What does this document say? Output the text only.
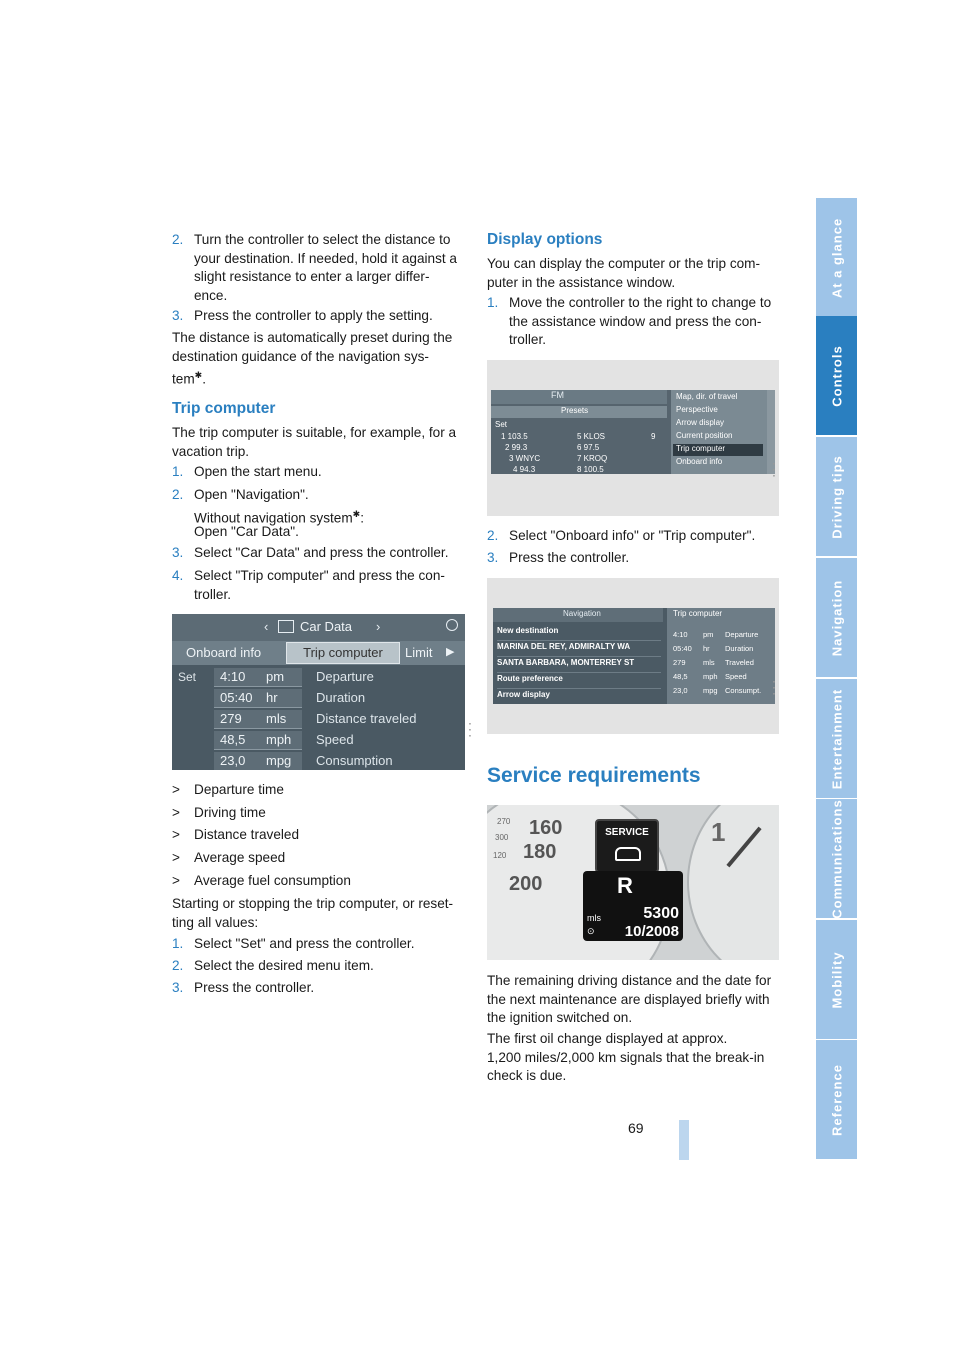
2. Turn the controller to select the distance to
your destination. If needed, hold it against a
slight resistance to enter a larger differ-
ence.
3. Press the controller to apply the setting.
The distance is automatically preset during the
destination guidance of the navigation sys-
tem✱.
Trip computer
The trip computer is suitable, for example, for a
vacation trip.
1. Open the start menu.
2. Open "Navigation".
Without navigation system✱:
Open "Car Data".
3. Select "Car Data" and press the controller.
4. Select "Trip computer" and press the con-
troller.
‹ Car Data ›
Onboard info	Trip computer	Limit ▶
Set 4:10 pm Departure
05:40 hr	Duration
279 mls Distance traveled
48,5 mph Speed
23,0 mpg Consumption
▪▪▪
> Departure time
> Driving time
> Distance traveled
> Average speed
> Average fuel consumption
Starting or stopping the trip computer, or reset-
ting all values:
1. Select "Set" and press the controller.
2. Select the desired menu item.
3. Press the controller.
Display options
You can display the computer or the trip com-
puter in the assistance window.
1. Move the controller to the right to change to
the assistance window and press the con-
troller.
FM
Presets
Set
1 103.5	5 KLOS	9
2 99.3	6 97.5
3 WNYC	7 KROQ
4 94.3	8 100.5
Map, dir. of travel
Perspective
Arrow display
Current position
Trip computer
Onboard info	▪▪▪
2. Select "Onboard info" or "Trip computer".
3. Press the controller.
Navigation
New destination
MARINA DEL REY, ADMIRALTY WA
SANTA BARBARA, MONTERREY ST
Route preference
Arrow display
Trip computer
4:10 pm Departure
05:40 hr Duration
279 mls Traveled
48,5 mph Speed
23,0 mpg Consumpt. ▪▪▪
Service requirements
160
180
200
270
300
120
1
SERVICE
R
mls
⊙
5300
10/2008
The remaining driving distance and the date for
the next maintenance are displayed briefly with
the ignition switched on.
The first oil change displayed at approx.
1,200 miles/2,000 km signals that the break-in
check is due.
69
At a glance
Controls
Driving tips
Navigation
Entertainment
Communications
Mobility
Reference
